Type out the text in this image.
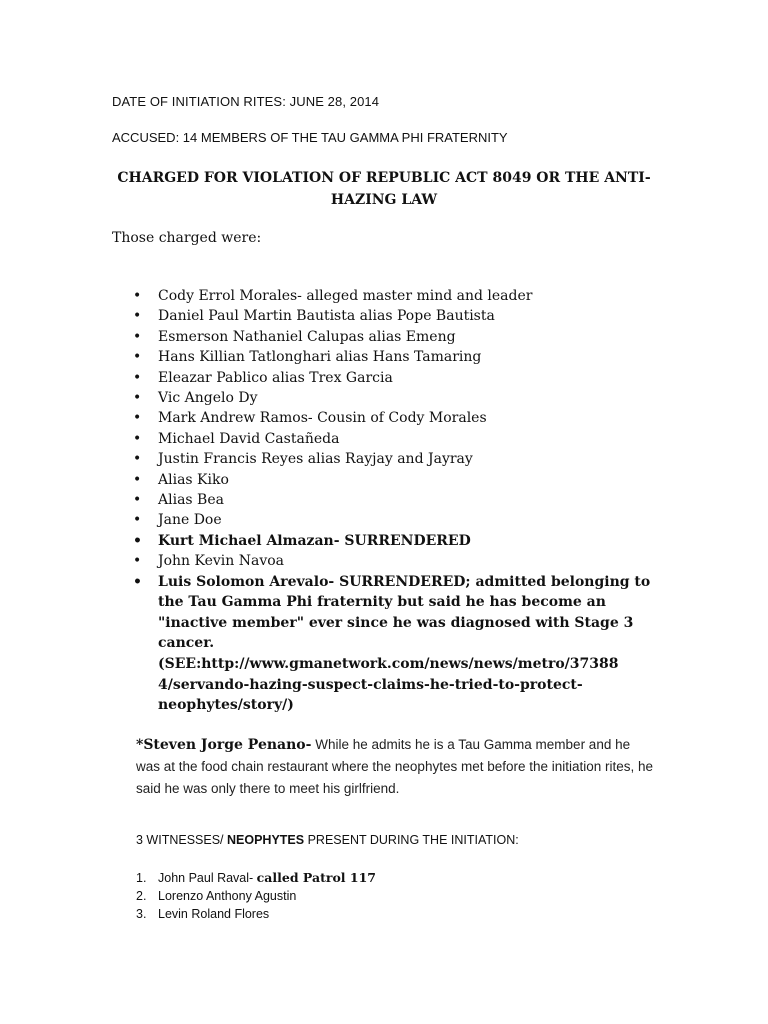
DATE OF INITIATION RITES: JUNE 28, 2014
ACCUSED: 14 MEMBERS OF THE TAU GAMMA PHI FRATERNITY
CHARGED FOR VIOLATION OF REPUBLIC ACT 8049 OR THE ANTI-
HAZING LAW
Those charged were:
• Cody Errol Morales- alleged master mind and leader
• Daniel Paul Martin Bautista alias Pope Bautista
• Esmerson Nathaniel Calupas alias Emeng
• Hans Killian Tatlonghari alias Hans Tamaring
• Eleazar Pablico alias Trex Garcia
• Vic Angelo Dy
• Mark Andrew Ramos- Cousin of Cody Morales
• Michael David Castañeda
• Justin Francis Reyes alias Rayjay and Jayray
• Alias Kiko
• Alias Bea
• Jane Doe
• Kurt Michael Almazan- SURRENDERED
• John Kevin Navoa
• Luis Solomon Arevalo- SURRENDERED; admitted belonging to
the Tau Gamma Phi fraternity but said he has become an
"inactive member" ever since he was diagnosed with Stage 3
cancer.
(SEE:http://www.gmanetwork.com/news/news/metro/37388
4/servando-hazing-suspect-claims-he-tried-to-protect-
neophytes/story/)
*Steven Jorge Penano- While he admits he is a Tau Gamma member and he was at the food chain restaurant where the neophytes met before the initiation rites, he said he was only there to meet his girlfriend.
3 WITNESSES/ NEOPHYTES PRESENT DURING THE INITIATION:
1. John Paul Raval- called Patrol 117
2. Lorenzo Anthony Agustin
3. Levin Roland Flores
